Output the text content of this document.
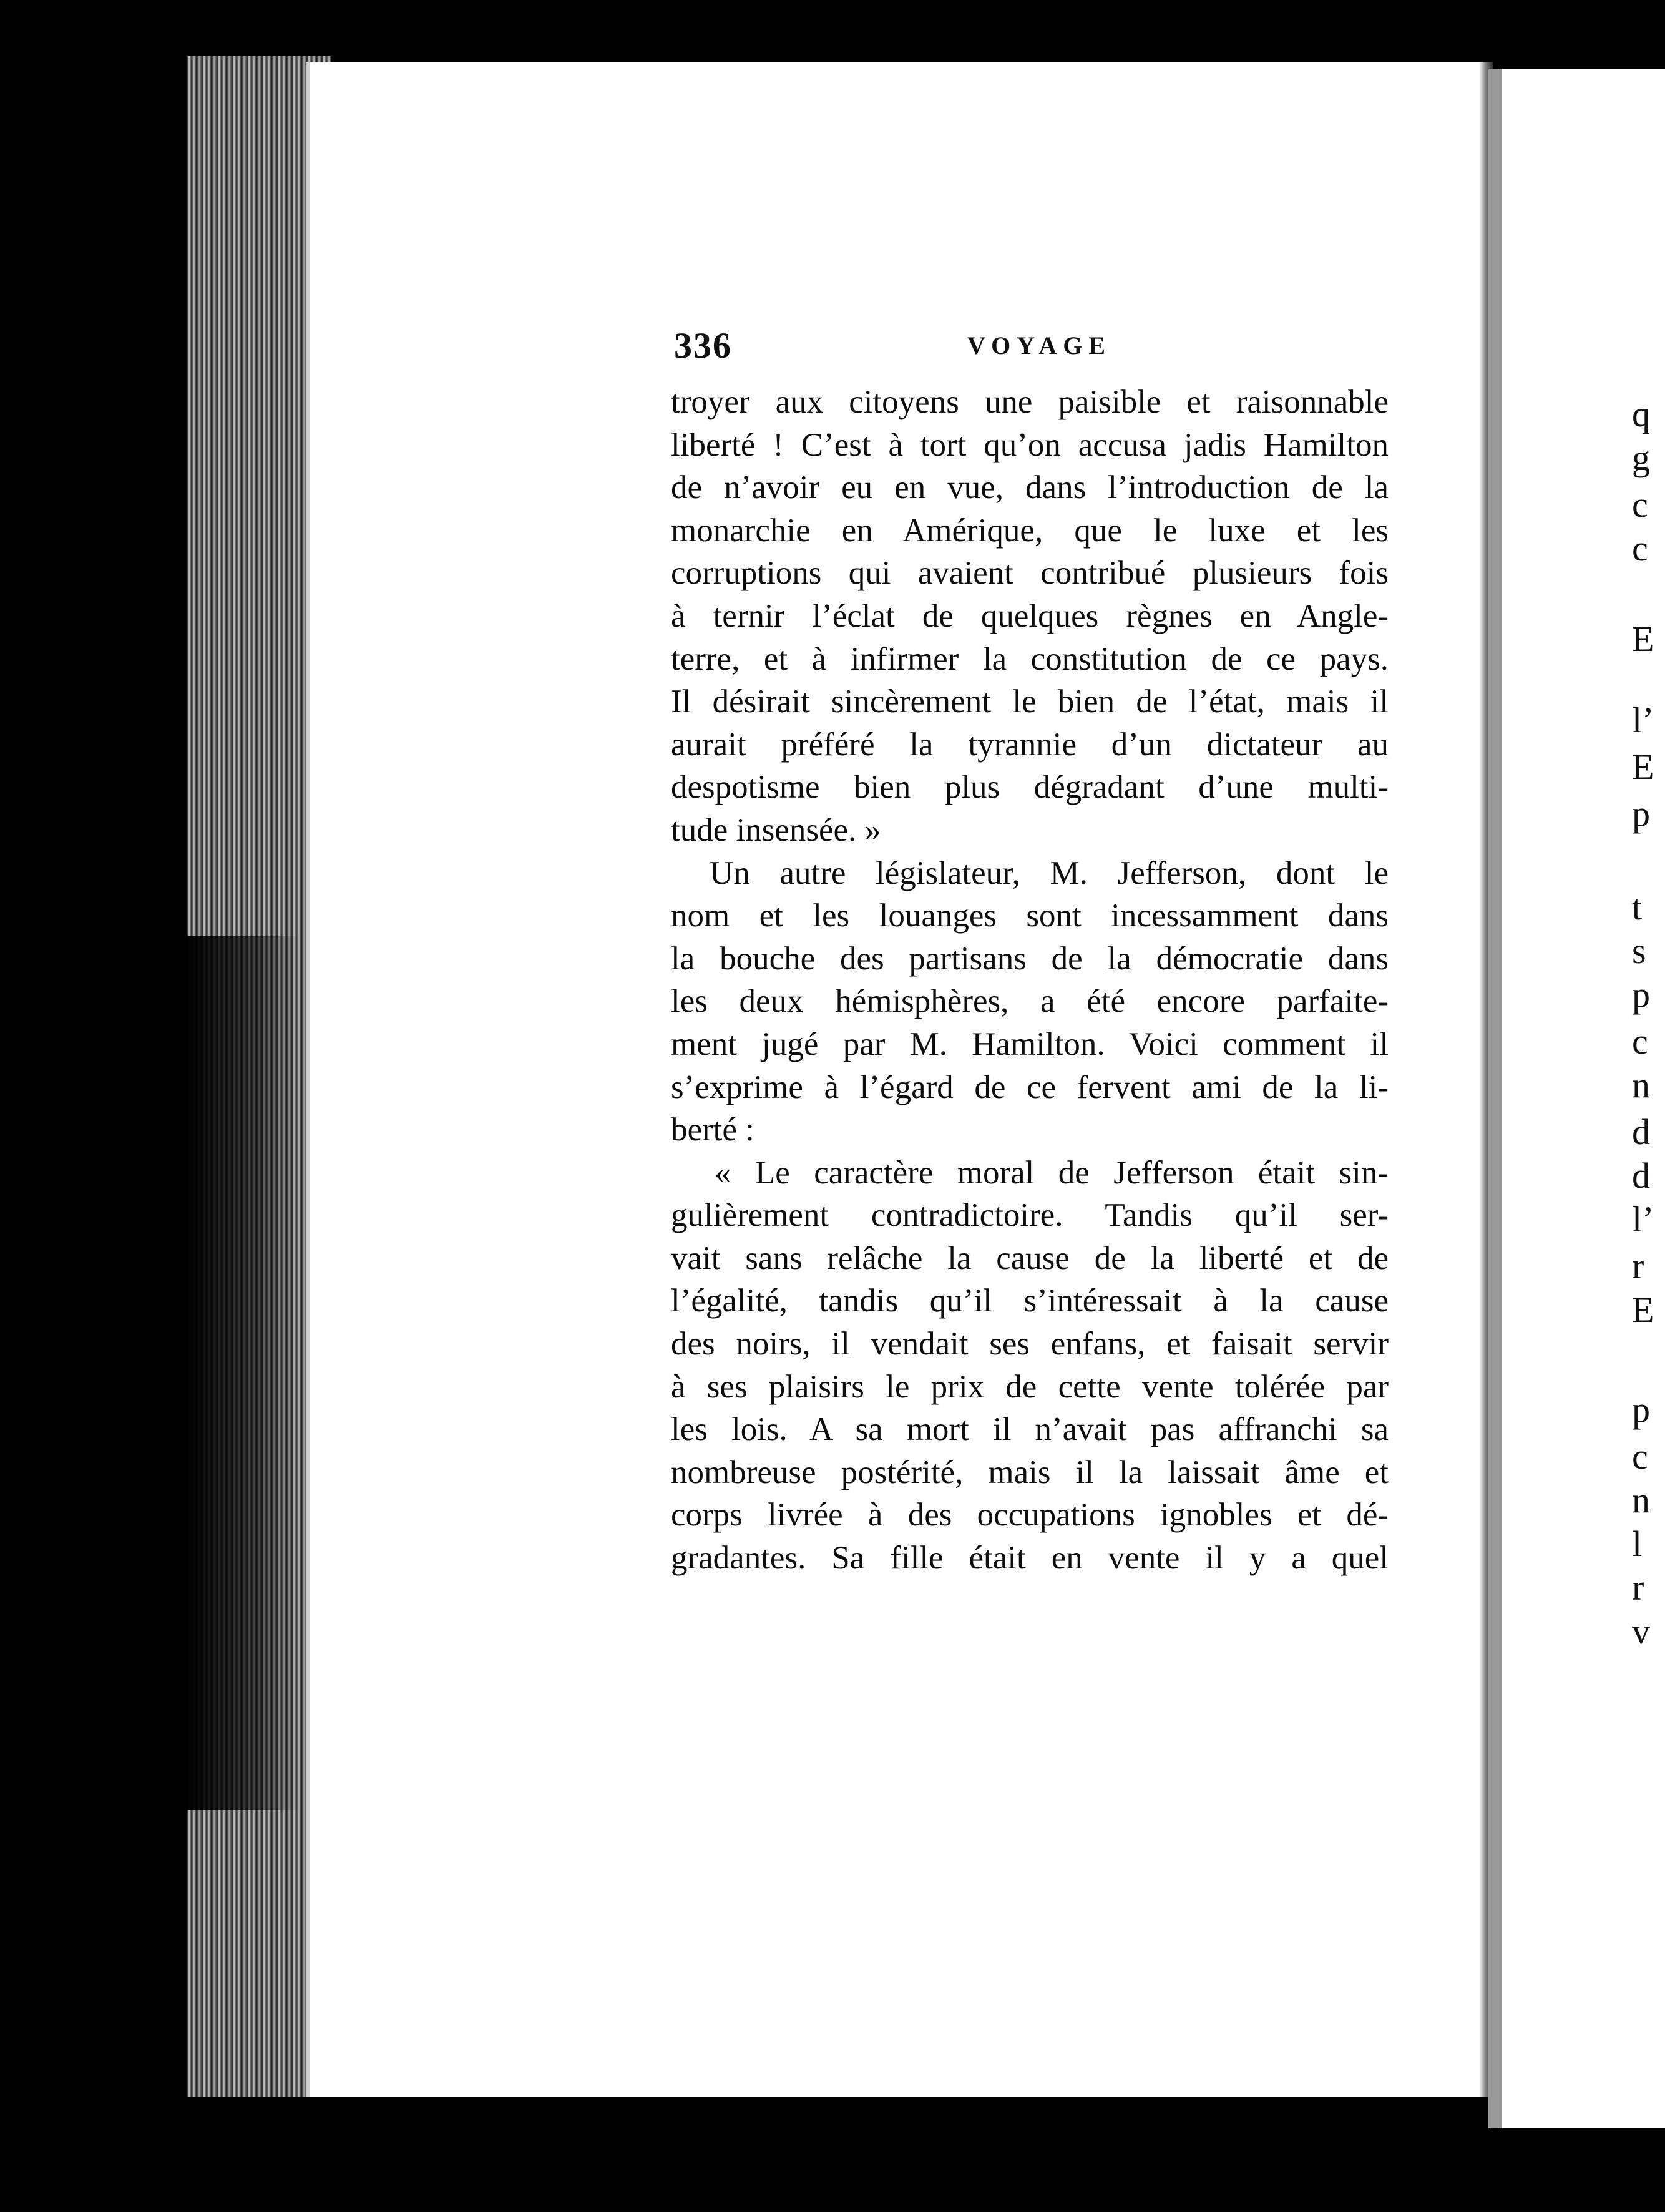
336	VOYAGE
troyer aux citoyens une paisible et raisonnable
liberté ! C’est à tort qu’on accusa jadis Hamilton
de n’avoir eu en vue, dans l’introduction de la
monarchie en Amérique, que le luxe et les
corruptions qui avaient contribué plusieurs fois
à ternir l’éclat de quelques règnes en Angle-
terre, et à infirmer la constitution de ce pays.
Il désirait sincèrement le bien de l’état, mais il
aurait préféré la tyrannie d’un dictateur au
despotisme bien plus dégradant d’une multi-
tude insensée. »
Un autre législateur, M. Jefferson, dont le
nom et les louanges sont incessamment dans
la bouche des partisans de la démocratie dans
les deux hémisphères, a été encore parfaite-
ment jugé par M. Hamilton. Voici comment il
s’exprime à l’égard de ce fervent ami de la li-
berté :
« Le caractère moral de Jefferson était sin-
gulièrement contradictoire. Tandis qu’il ser-
vait sans relâche la cause de la liberté et de
l’égalité, tandis qu’il s’intéressait à la cause
des noirs, il vendait ses enfans, et faisait servir
à ses plaisirs le prix de cette vente tolérée par
les lois. A sa mort il n’avait pas affranchi sa
nombreuse postérité, mais il la laissait âme et
corps livrée à des occupations ignobles et dé-
gradantes. Sa fille était en vente il y a quel
q
g
c
c
E
l’
E
p
t
s
p
c
n
d
d
l’
r
E
p
c
n
l
r
v
